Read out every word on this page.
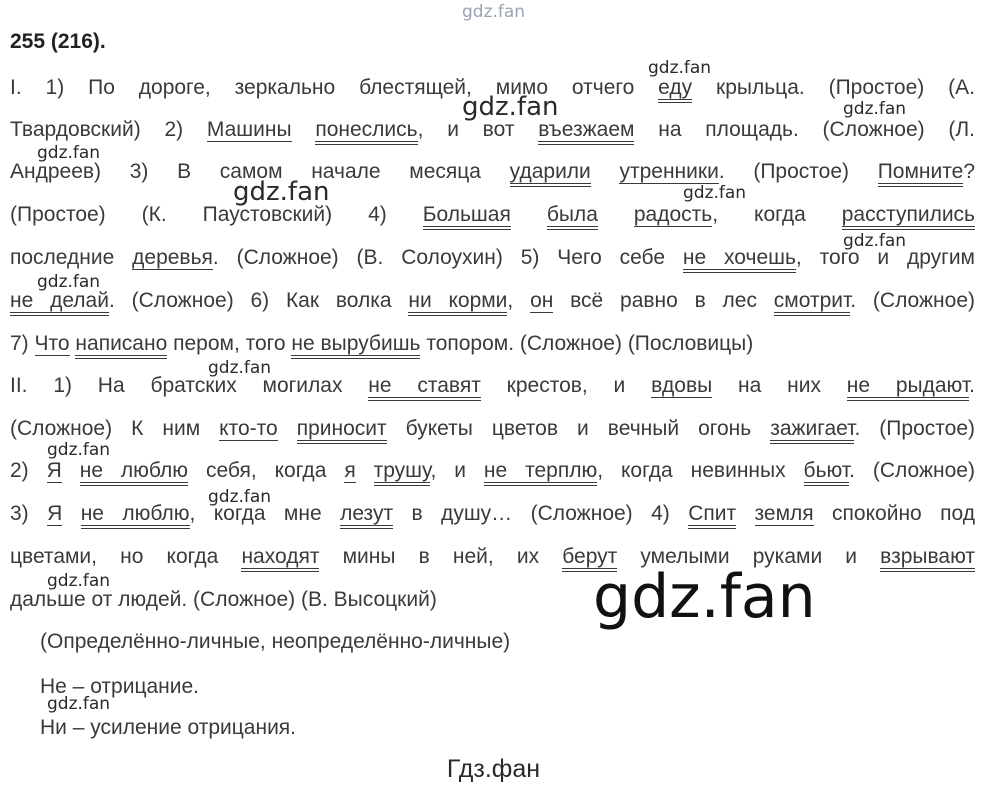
gdz.fan
255 (216).
I. 1) По дороге, зеркально блестящей, мимо отчего еду крыльца. (Простое) (А.
Твардовский) 2) Машины понеслись, и вот въезжаем на площадь. (Сложное) (Л.
Андреев) 3) В самом начале месяца ударили утренники. (Простое) Помните?
(Простое) (К. Паустовский) 4) Большая была радость, когда расступились
последние деревья. (Сложное) (В. Солоухин) 5) Чего себе не хочешь, того и другим
не делай. (Сложное) 6) Как волка ни корми, он всё равно в лес смотрит. (Сложное)
7) Что написано пером, того не вырубишь топором. (Сложное) (Пословицы)
II. 1) На братских могилах не ставят крестов, и вдовы на них не рыдают.
(Сложное) К ним кто-то приносит букеты цветов и вечный огонь зажигает. (Простое)
2) Я не люблю себя, когда я трушу, и не терплю, когда невинных бьют. (Сложное)
3) Я не люблю, когда мне лезут в душу… (Сложное) 4) Спит земля спокойно под
цветами, но когда находят мины в ней, их берут умелыми руками и взрывают
дальше от людей. (Сложное) (В. Высоцкий)
(Определённо-личные, неопределённо-личные)
Не – отрицание.
Ни – усиление отрицания.
gdz.fan
gdz.fan	gdz.fan
gdz.fan
gdz.fan	gdz.fan
gdz.fan
gdz.fan
gdz.fan
gdz.fan
gdz.fan
gdz.fan
gdz.fan
gdz.fan
Гдз.фан
